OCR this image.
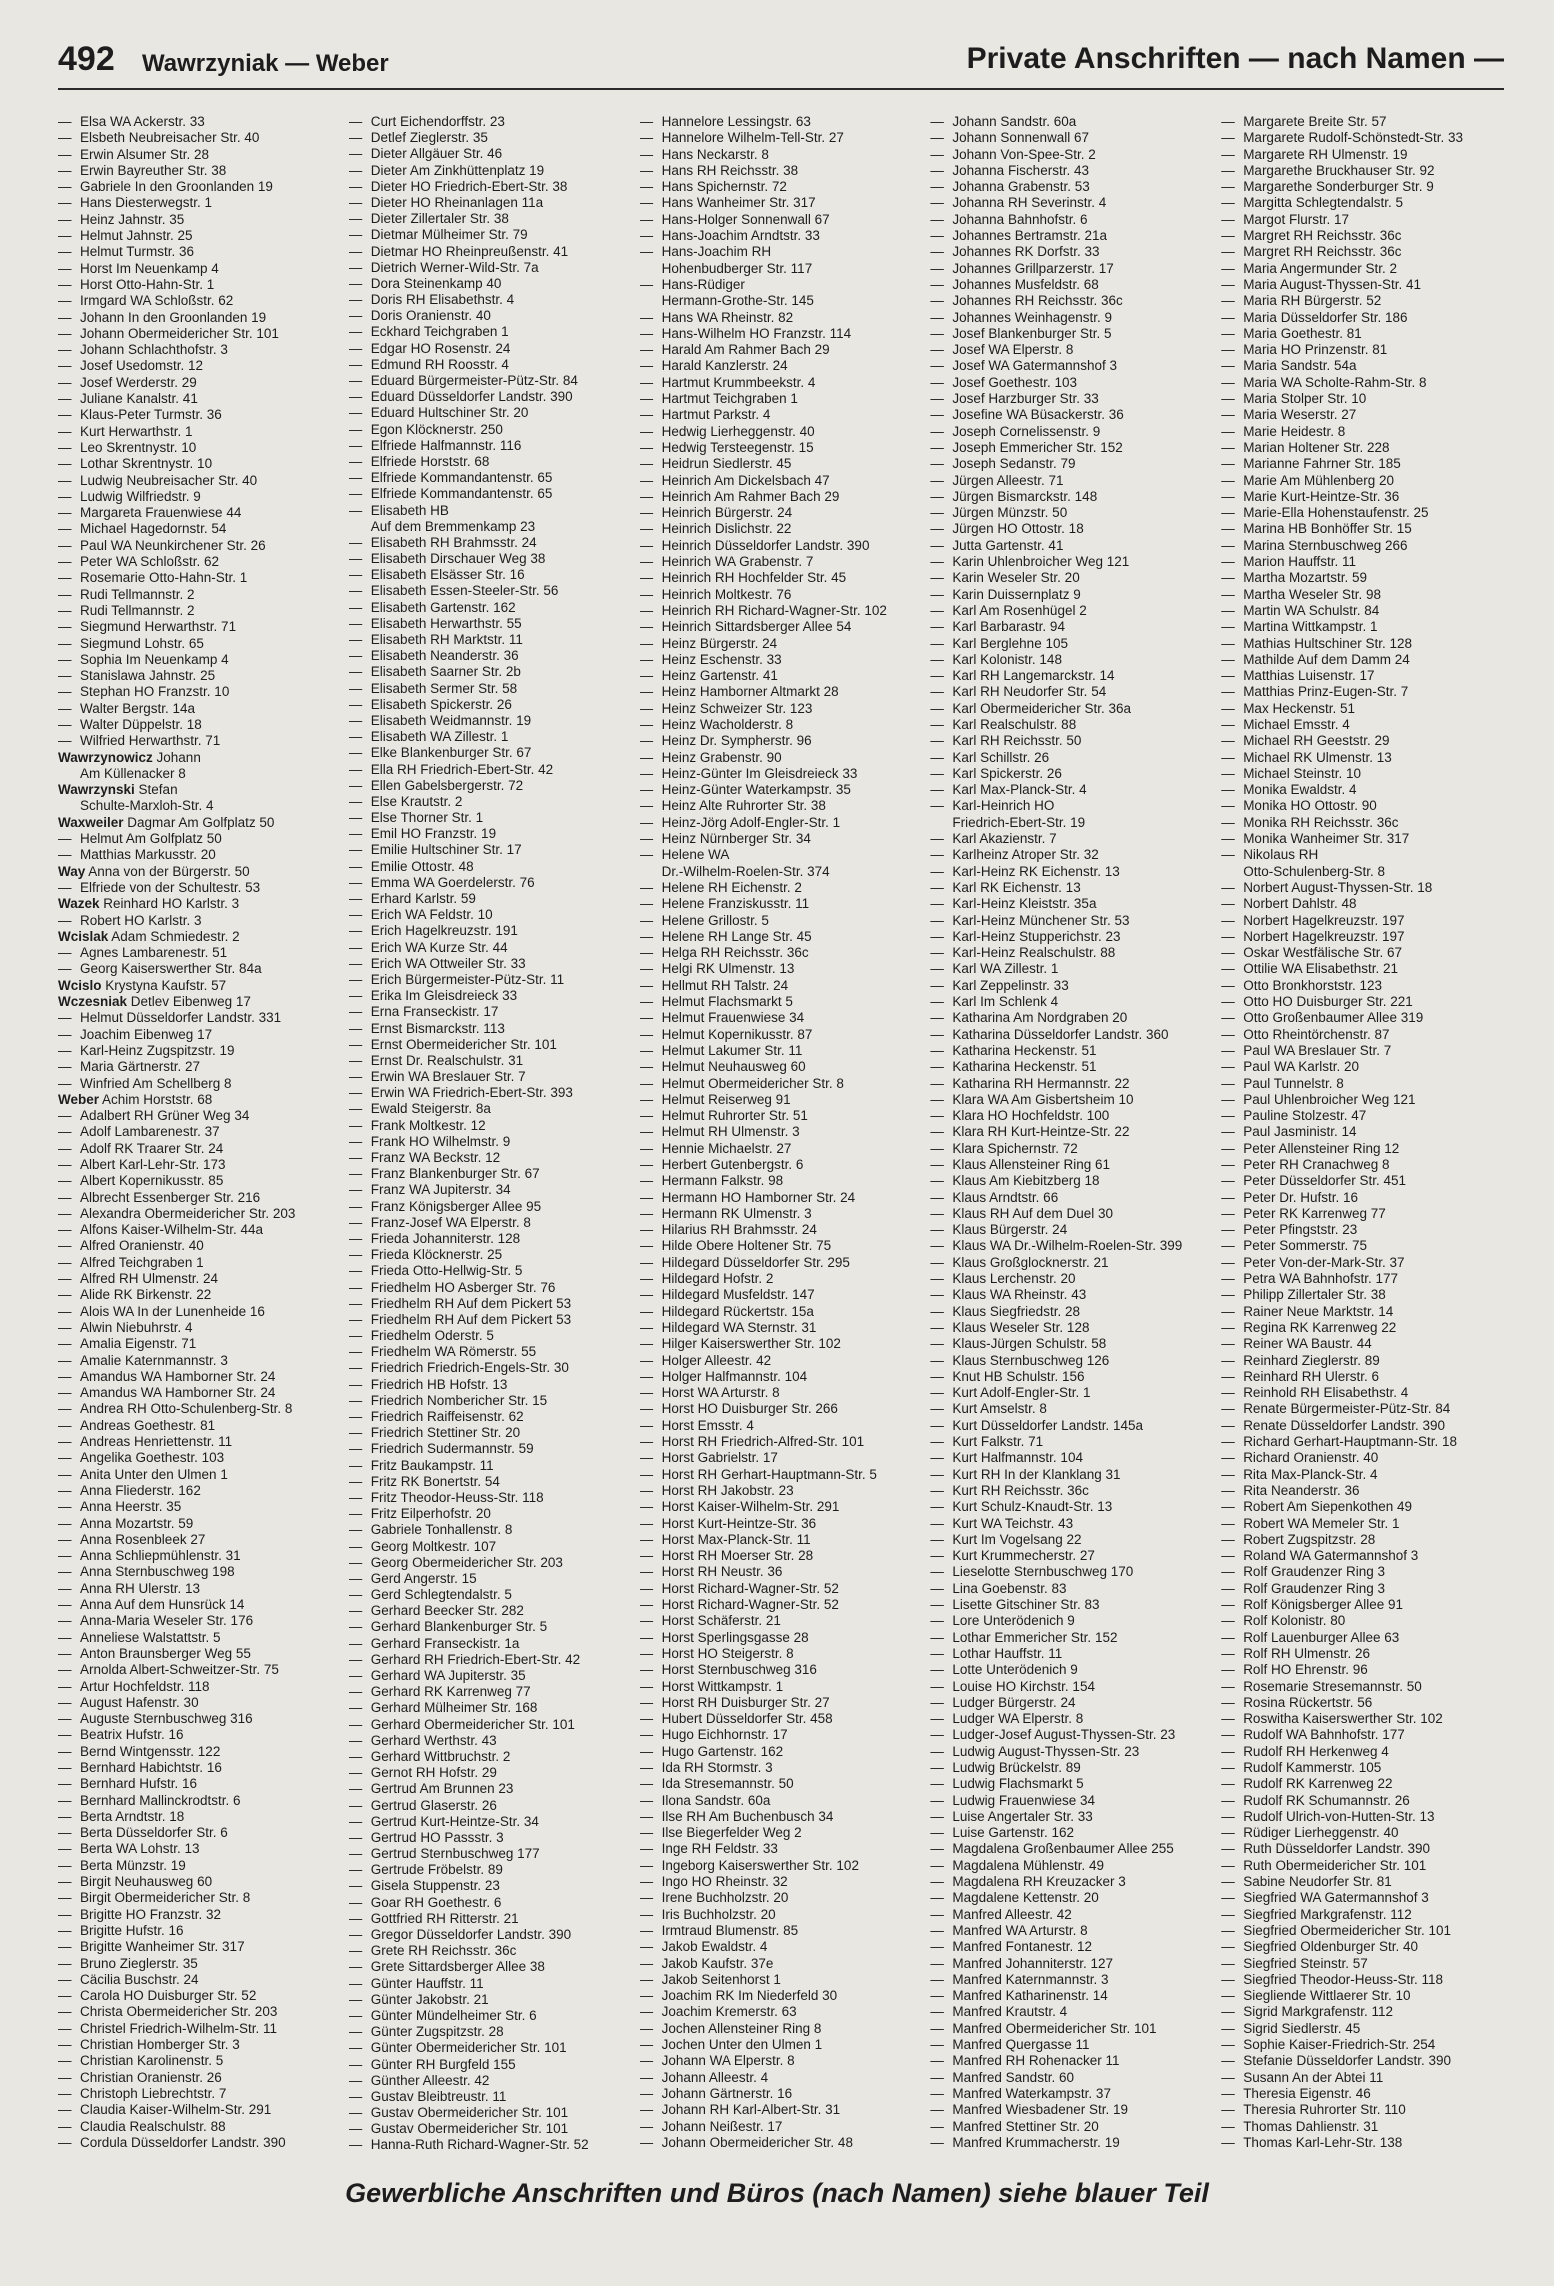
492 Wawrzyniak — Weber	Private Anschriften — nach Namen —
— Elsa WA Ackerstr. 33
— Elsbeth Neubreisacher Str. 40
— Erwin Alsumer Str. 28
— Erwin Bayreuther Str. 38
— Gabriele In den Groonlanden 19
— Hans Diesterwegstr. 1
— Heinz Jahnstr. 35
— Helmut Jahnstr. 25
— Helmut Turmstr. 36
— Horst Im Neuenkamp 4
— Horst Otto-Hahn-Str. 1
— Irmgard WA Schloßstr. 62
— Johann In den Groonlanden 19
— Johann Obermeidericher Str. 101
— Johann Schlachthofstr. 3
— Josef Usedomstr. 12
— Josef Werderstr. 29
— Juliane Kanalstr. 41
— Klaus-Peter Turmstr. 36
— Kurt Herwarthstr. 1
— Leo Skrentnystr. 10
— Lothar Skrentnystr. 10
— Ludwig Neubreisacher Str. 40
— Ludwig Wilfriedstr. 9
— Margareta Frauenwiese 44
— Michael Hagedornstr. 54
— Paul WA Neunkirchener Str. 26
— Peter WA Schloßstr. 62
— Rosemarie Otto-Hahn-Str. 1
— Rudi Tellmannstr. 2
— Rudi Tellmannstr. 2
— Siegmund Herwarthstr. 71
— Siegmund Lohstr. 65
— Sophia Im Neuenkamp 4
— Stanislawa Jahnstr. 25
— Stephan HO Franzstr. 10
— Walter Bergstr. 14a
— Walter Düppelstr. 18
— Wilfried Herwarthstr. 71
Wawrzynowicz Johann
Am Küllenacker 8
Wawrzynski Stefan
Schulte-Marxloh-Str. 4
Waxweiler Dagmar Am Golfplatz 50
— Helmut Am Golfplatz 50
— Matthias Markusstr. 20
Way Anna von der Bürgerstr. 50
— Elfriede von der Schultestr. 53
Wazek Reinhard HO Karlstr. 3
— Robert HO Karlstr. 3
Wcislak Adam Schmiedestr. 2
— Agnes Lambarenestr. 51
— Georg Kaiserswerther Str. 84a
Wcislo Krystyna Kaufstr. 57
Wczesniak Detlev Eibenweg 17
— Helmut Düsseldorfer Landstr. 331
— Joachim Eibenweg 17
— Karl-Heinz Zugspitzstr. 19
— Maria Gärtnerstr. 27
— Winfried Am Schellberg 8
Weber Achim Horststr. 68
— Adalbert RH Grüner Weg 34
— Adolf Lambarenestr. 37
— Adolf RK Traarer Str. 24
— Albert Karl-Lehr-Str. 173
— Albert Kopernikusstr. 85
— Albrecht Essenberger Str. 216
— Alexandra Obermeidericher Str. 203
— Alfons Kaiser-Wilhelm-Str. 44a
— Alfred Oranienstr. 40
— Alfred Teichgraben 1
— Alfred RH Ulmenstr. 24
— Alide RK Birkenstr. 22
— Alois WA In der Lunenheide 16
— Alwin Niebuhrstr. 4
— Amalia Eigenstr. 71
— Amalie Katernmannstr. 3
— Amandus WA Hamborner Str. 24
— Amandus WA Hamborner Str. 24
— Andrea RH Otto-Schulenberg-Str. 8
— Andreas Goethestr. 81
— Andreas Henriettenstr. 11
— Angelika Goethestr. 103
— Anita Unter den Ulmen 1
— Anna Fliederstr. 162
— Anna Heerstr. 35
— Anna Mozartstr. 59
— Anna Rosenbleek 27
— Anna Schliepmühlenstr. 31
— Anna Sternbuschweg 198
— Anna RH Ulerstr. 13
— Anna Auf dem Hunsrück 14
— Anna-Maria Weseler Str. 176
— Anneliese Walstattstr. 5
— Anton Braunsberger Weg 55
— Arnolda Albert-Schweitzer-Str. 75
— Artur Hochfeldstr. 118
— August Hafenstr. 30
— Auguste Sternbuschweg 316
— Beatrix Hufstr. 16
— Bernd Wintgensstr. 122
— Bernhard Habichtstr. 16
— Bernhard Hufstr. 16
— Bernhard Mallinckrodtstr. 6
— Berta Arndtstr. 18
— Berta Düsseldorfer Str. 6
— Berta WA Lohstr. 13
— Berta Münzstr. 19
— Birgit Neuhausweg 60
— Birgit Obermeidericher Str. 8
— Brigitte HO Franzstr. 32
— Brigitte Hufstr. 16
— Brigitte Wanheimer Str. 317
— Bruno Zieglerstr. 35
— Cäcilia Buschstr. 24
— Carola HO Duisburger Str. 52
— Christa Obermeidericher Str. 203
— Christel Friedrich-Wilhelm-Str. 11
— Christian Homberger Str. 3
— Christian Karolinenstr. 5
— Christian Oranienstr. 26
— Christoph Liebrechtstr. 7
— Claudia Kaiser-Wilhelm-Str. 291
— Claudia Realschulstr. 88
— Cordula Düsseldorfer Landstr. 390
— Curt Eichendorffstr. 23
— Detlef Zieglerstr. 35
— Dieter Allgäuer Str. 46
— Dieter Am Zinkhüttenplatz 19
— Dieter HO Friedrich-Ebert-Str. 38
— Dieter HO Rheinanlagen 11a
— Dieter Zillertaler Str. 38
— Dietmar Mülheimer Str. 79
— Dietmar HO Rheinpreußenstr. 41
— Dietrich Werner-Wild-Str. 7a
— Dora Steinenkamp 40
— Doris RH Elisabethstr. 4
— Doris Oranienstr. 40
— Eckhard Teichgraben 1
— Edgar HO Rosenstr. 24
— Edmund RH Roosstr. 4
— Eduard Bürgermeister-Pütz-Str. 84
— Eduard Düsseldorfer Landstr. 390
— Eduard Hultschiner Str. 20
— Egon Klöcknerstr. 250
— Elfriede Halfmannstr. 116
— Elfriede Horststr. 68
— Elfriede Kommandantenstr. 65
— Elfriede Kommandantenstr. 65
— Elisabeth HB
Auf dem Bremmenkamp 23
— Elisabeth RH Brahmsstr. 24
— Elisabeth Dirschauer Weg 38
— Elisabeth Elsässer Str. 16
— Elisabeth Essen-Steeler-Str. 56
— Elisabeth Gartenstr. 162
— Elisabeth Herwarthstr. 55
— Elisabeth RH Marktstr. 11
— Elisabeth Neanderstr. 36
— Elisabeth Saarner Str. 2b
— Elisabeth Sermer Str. 58
— Elisabeth Spickerstr. 26
— Elisabeth Weidmannstr. 19
— Elisabeth WA Zillestr. 1
— Elke Blankenburger Str. 67
— Ella RH Friedrich-Ebert-Str. 42
— Ellen Gabelsbergerstr. 72
— Else Krautstr. 2
— Else Thorner Str. 1
— Emil HO Franzstr. 19
— Emilie Hultschiner Str. 17
— Emilie Ottostr. 48
— Emma WA Goerdelerstr. 76
— Erhard Karlstr. 59
— Erich WA Feldstr. 10
— Erich Hagelkreuzstr. 191
— Erich WA Kurze Str. 44
— Erich WA Ottweiler Str. 33
— Erich Bürgermeister-Pütz-Str. 11
— Erika Im Gleisdreieck 33
— Erna Franseckistr. 17
— Ernst Bismarckstr. 113
— Ernst Obermeidericher Str. 101
— Ernst Dr. Realschulstr. 31
— Erwin WA Breslauer Str. 7
— Erwin WA Friedrich-Ebert-Str. 393
— Ewald Steigerstr. 8a
— Frank Moltkestr. 12
— Frank HO Wilhelmstr. 9
— Franz WA Beckstr. 12
— Franz Blankenburger Str. 67
— Franz WA Jupiterstr. 34
— Franz Königsberger Allee 95
— Franz-Josef WA Elperstr. 8
— Frieda Johanniterstr. 128
— Frieda Klöcknerstr. 25
— Frieda Otto-Hellwig-Str. 5
— Friedhelm HO Asberger Str. 76
— Friedhelm RH Auf dem Pickert 53
— Friedhelm RH Auf dem Pickert 53
— Friedhelm Oderstr. 5
— Friedhelm WA Römerstr. 55
— Friedrich Friedrich-Engels-Str. 30
— Friedrich HB Hofstr. 13
— Friedrich Nombericher Str. 15
— Friedrich Raiffeisenstr. 62
— Friedrich Stettiner Str. 20
— Friedrich Sudermannstr. 59
— Fritz Baukampstr. 11
— Fritz RK Bonertstr. 54
— Fritz Theodor-Heuss-Str. 118
— Fritz Eilperhofstr. 20
— Gabriele Tonhallenstr. 8
— Georg Moltkestr. 107
— Georg Obermeidericher Str. 203
— Gerd Angerstr. 15
— Gerd Schlegtendalstr. 5
— Gerhard Beecker Str. 282
— Gerhard Blankenburger Str. 5
— Gerhard Franseckistr. 1a
— Gerhard RH Friedrich-Ebert-Str. 42
— Gerhard WA Jupiterstr. 35
— Gerhard RK Karrenweg 77
— Gerhard Mülheimer Str. 168
— Gerhard Obermeidericher Str. 101
— Gerhard Werthstr. 43
— Gerhard Wittbruchstr. 2
— Gernot RH Hofstr. 29
— Gertrud Am Brunnen 23
— Gertrud Glaserstr. 26
— Gertrud Kurt-Heintze-Str. 34
— Gertrud HO Passstr. 3
— Gertrud Sternbuschweg 177
— Gertrude Fröbelstr. 89
— Gisela Stuppenstr. 23
— Goar RH Goethestr. 6
— Gottfried RH Ritterstr. 21
— Gregor Düsseldorfer Landstr. 390
— Grete RH Reichsstr. 36c
— Grete Sittardsberger Allee 38
— Günter Hauffstr. 11
— Günter Jakobstr. 21
— Günter Mündelheimer Str. 6
— Günter Zugspitzstr. 28
— Günter Obermeidericher Str. 101
— Günter RH Burgfeld 155
— Günther Alleestr. 42
— Gustav Bleibtreustr. 11
— Gustav Obermeidericher Str. 101
— Gustav Obermeidericher Str. 101
— Hanna-Ruth Richard-Wagner-Str. 52
— Hannelore Lessingstr. 63
— Hannelore Wilhelm-Tell-Str. 27
— Hans Neckarstr. 8
— Hans RH Reichsstr. 38
— Hans Spichernstr. 72
— Hans Wanheimer Str. 317
— Hans-Holger Sonnenwall 67
— Hans-Joachim Arndtstr. 33
— Hans-Joachim RH
Hohenbudberger Str. 117
— Hans-Rüdiger
Hermann-Grothe-Str. 145
— Hans WA Rheinstr. 82
— Hans-Wilhelm HO Franzstr. 114
— Harald Am Rahmer Bach 29
— Harald Kanzlerstr. 24
— Hartmut Krummbeekstr. 4
— Hartmut Teichgraben 1
— Hartmut Parkstr. 4
— Hedwig Lierheggenstr. 40
— Hedwig Tersteegenstr. 15
— Heidrun Siedlerstr. 45
— Heinrich Am Dickelsbach 47
— Heinrich Am Rahmer Bach 29
— Heinrich Bürgerstr. 24
— Heinrich Dislichstr. 22
— Heinrich Düsseldorfer Landstr. 390
— Heinrich WA Grabenstr. 7
— Heinrich RH Hochfelder Str. 45
— Heinrich Moltkestr. 76
— Heinrich RH Richard-Wagner-Str. 102
— Heinrich Sittardsberger Allee 54
— Heinz Bürgerstr. 24
— Heinz Eschenstr. 33
— Heinz Gartenstr. 41
— Heinz Hamborner Altmarkt 28
— Heinz Schweizer Str. 123
— Heinz Wacholderstr. 8
— Heinz Dr. Sympherstr. 96
— Heinz Grabenstr. 90
— Heinz-Günter Im Gleisdreieck 33
— Heinz-Günter Waterkampstr. 35
— Heinz Alte Ruhrorter Str. 38
— Heinz-Jörg Adolf-Engler-Str. 1
— Heinz Nürnberger Str. 34
— Helene WA
Dr.-Wilhelm-Roelen-Str. 374
— Helene RH Eichenstr. 2
— Helene Franziskusstr. 11
— Helene Grillostr. 5
— Helene RH Lange Str. 45
— Helga RH Reichsstr. 36c
— Helgi RK Ulmenstr. 13
— Hellmut RH Talstr. 24
— Helmut Flachsmarkt 5
— Helmut Frauenwiese 34
— Helmut Kopernikusstr. 87
— Helmut Lakumer Str. 11
— Helmut Neuhausweg 60
— Helmut Obermeidericher Str. 8
— Helmut Reiserweg 91
— Helmut Ruhrorter Str. 51
— Helmut RH Ulmenstr. 3
— Hennie Michaelstr. 27
— Herbert Gutenbergstr. 6
— Hermann Falkstr. 98
— Hermann HO Hamborner Str. 24
— Hermann RK Ulmenstr. 3
— Hilarius RH Brahmsstr. 24
— Hilde Obere Holtener Str. 75
— Hildegard Düsseldorfer Str. 295
— Hildegard Hofstr. 2
— Hildegard Musfeldstr. 147
— Hildegard Rückertstr. 15a
— Hildegard WA Sternstr. 31
— Hilger Kaiserswerther Str. 102
— Holger Alleestr. 42
— Holger Halfmannstr. 104
— Horst WA Arturstr. 8
— Horst HO Duisburger Str. 266
— Horst Emsstr. 4
— Horst RH Friedrich-Alfred-Str. 101
— Horst Gabrielstr. 17
— Horst RH Gerhart-Hauptmann-Str. 5
— Horst RH Jakobstr. 23
— Horst Kaiser-Wilhelm-Str. 291
— Horst Kurt-Heintze-Str. 36
— Horst Max-Planck-Str. 11
— Horst RH Moerser Str. 28
— Horst RH Neustr. 36
— Horst Richard-Wagner-Str. 52
— Horst Richard-Wagner-Str. 52
— Horst Schäferstr. 21
— Horst Sperlingsgasse 28
— Horst HO Steigerstr. 8
— Horst Sternbuschweg 316
— Horst Wittkampstr. 1
— Horst RH Duisburger Str. 27
— Hubert Düsseldorfer Str. 458
— Hugo Eichhornstr. 17
— Hugo Gartenstr. 162
— Ida RH Stormstr. 3
— Ida Stresemannstr. 50
— Ilona Sandstr. 60a
— Ilse RH Am Buchenbusch 34
— Ilse Biegerfelder Weg 2
— Inge RH Feldstr. 33
— Ingeborg Kaiserswerther Str. 102
— Ingo HO Rheinstr. 32
— Irene Buchholzstr. 20
— Iris Buchholzstr. 20
— Irmtraud Blumenstr. 85
— Jakob Ewaldstr. 4
— Jakob Kaufstr. 37e
— Jakob Seitenhorst 1
— Joachim RK Im Niederfeld 30
— Joachim Kremerstr. 63
— Jochen Allensteiner Ring 8
— Jochen Unter den Ulmen 1
— Johann WA Elperstr. 8
— Johann Alleestr. 4
— Johann Gärtnerstr. 16
— Johann RH Karl-Albert-Str. 31
— Johann Neißestr. 17
— Johann Obermeidericher Str. 48
— Johann Sandstr. 60a
— Johann Sonnenwall 67
— Johann Von-Spee-Str. 2
— Johanna Fischerstr. 43
— Johanna Grabenstr. 53
— Johanna RH Severinstr. 4
— Johanna Bahnhofstr. 6
— Johannes Bertramstr. 21a
— Johannes RK Dorfstr. 33
— Johannes Grillparzerstr. 17
— Johannes Musfeldstr. 68
— Johannes RH Reichsstr. 36c
— Johannes Weinhagenstr. 9
— Josef Blankenburger Str. 5
— Josef WA Elperstr. 8
— Josef WA Gatermannshof 3
— Josef Goethestr. 103
— Josef Harzburger Str. 33
— Josefine WA Büsackerstr. 36
— Joseph Cornelissenstr. 9
— Joseph Emmericher Str. 152
— Joseph Sedanstr. 79
— Jürgen Alleestr. 71
— Jürgen Bismarckstr. 148
— Jürgen Münzstr. 50
— Jürgen HO Ottostr. 18
— Jutta Gartenstr. 41
— Karin Uhlenbroicher Weg 121
— Karin Weseler Str. 20
— Karin Duissernplatz 9
— Karl Am Rosenhügel 2
— Karl Barbarastr. 94
— Karl Berglehne 105
— Karl Kolonistr. 148
— Karl RH Langemarckstr. 14
— Karl RH Neudorfer Str. 54
— Karl Obermeidericher Str. 36a
— Karl Realschulstr. 88
— Karl RH Reichsstr. 50
— Karl Schillstr. 26
— Karl Spickerstr. 26
— Karl Max-Planck-Str. 4
— Karl-Heinrich HO
Friedrich-Ebert-Str. 19
— Karl Akazienstr. 7
— Karlheinz Atroper Str. 32
— Karl-Heinz RK Eichenstr. 13
— Karl RK Eichenstr. 13
— Karl-Heinz Kleiststr. 35a
— Karl-Heinz Münchener Str. 53
— Karl-Heinz Stupperichstr. 23
— Karl-Heinz Realschulstr. 88
— Karl WA Zillestr. 1
— Karl Zeppelinstr. 33
— Karl Im Schlenk 4
— Katharina Am Nordgraben 20
— Katharina Düsseldorfer Landstr. 360
— Katharina Heckenstr. 51
— Katharina Heckenstr. 51
— Katharina RH Hermannstr. 22
— Klara WA Am Gisbertsheim 10
— Klara HO Hochfeldstr. 100
— Klara RH Kurt-Heintze-Str. 22
— Klara Spichernstr. 72
— Klaus Allensteiner Ring 61
— Klaus Am Kiebitzberg 18
— Klaus Arndtstr. 66
— Klaus RH Auf dem Duel 30
— Klaus Bürgerstr. 24
— Klaus WA Dr.-Wilhelm-Roelen-Str. 399
— Klaus Großglocknerstr. 21
— Klaus Lerchenstr. 20
— Klaus WA Rheinstr. 43
— Klaus Siegfriedstr. 28
— Klaus Weseler Str. 128
— Klaus-Jürgen Schulstr. 58
— Klaus Sternbuschweg 126
— Knut HB Schulstr. 156
— Kurt Adolf-Engler-Str. 1
— Kurt Amselstr. 8
— Kurt Düsseldorfer Landstr. 145a
— Kurt Falkstr. 71
— Kurt Halfmannstr. 104
— Kurt RH In der Klanklang 31
— Kurt RH Reichsstr. 36c
— Kurt Schulz-Knaudt-Str. 13
— Kurt WA Teichstr. 43
— Kurt Im Vogelsang 22
— Kurt Krummecherstr. 27
— Lieselotte Sternbuschweg 170
— Lina Goebenstr. 83
— Lisette Gitschiner Str. 83
— Lore Unterödenich 9
— Lothar Emmericher Str. 152
— Lothar Hauffstr. 11
— Lotte Unterödenich 9
— Louise HO Kirchstr. 154
— Ludger Bürgerstr. 24
— Ludger WA Elperstr. 8
— Ludger-Josef August-Thyssen-Str. 23
— Ludwig August-Thyssen-Str. 23
— Ludwig Brückelstr. 89
— Ludwig Flachsmarkt 5
— Ludwig Frauenwiese 34
— Luise Angertaler Str. 33
— Luise Gartenstr. 162
— Magdalena Großenbaumer Allee 255
— Magdalena Mühlenstr. 49
— Magdalena RH Kreuzacker 3
— Magdalene Kettenstr. 20
— Manfred Alleestr. 42
— Manfred WA Arturstr. 8
— Manfred Fontanestr. 12
— Manfred Johanniterstr. 127
— Manfred Katernmannstr. 3
— Manfred Katharinenstr. 14
— Manfred Krautstr. 4
— Manfred Obermeidericher Str. 101
— Manfred Quergasse 11
— Manfred RH Rohenacker 11
— Manfred Sandstr. 60
— Manfred Waterkampstr. 37
— Manfred Wiesbadener Str. 19
— Manfred Stettiner Str. 20
— Manfred Krummacherstr. 19
— Margarete Breite Str. 57
— Margarete Rudolf-Schönstedt-Str. 33
— Margarete RH Ulmenstr. 19
— Margarethe Bruckhauser Str. 92
— Margarethe Sonderburger Str. 9
— Margitta Schlegtendalstr. 5
— Margot Flurstr. 17
— Margret RH Reichsstr. 36c
— Margret RH Reichsstr. 36c
— Maria Angermunder Str. 2
— Maria August-Thyssen-Str. 41
— Maria RH Bürgerstr. 52
— Maria Düsseldorfer Str. 186
— Maria Goethestr. 81
— Maria HO Prinzenstr. 81
— Maria Sandstr. 54a
— Maria WA Scholte-Rahm-Str. 8
— Maria Stolper Str. 10
— Maria Weserstr. 27
— Marie Heidestr. 8
— Marian Holtener Str. 228
— Marianne Fahrner Str. 185
— Marie Am Mühlenberg 20
— Marie Kurt-Heintze-Str. 36
— Marie-Ella Hohenstaufenstr. 25
— Marina HB Bonhöffer Str. 15
— Marina Sternbuschweg 266
— Marion Hauffstr. 11
— Martha Mozartstr. 59
— Martha Weseler Str. 98
— Martin WA Schulstr. 84
— Martina Wittkampstr. 1
— Mathias Hultschiner Str. 128
— Mathilde Auf dem Damm 24
— Matthias Luisenstr. 17
— Matthias Prinz-Eugen-Str. 7
— Max Heckenstr. 51
— Michael Emsstr. 4
— Michael RH Geeststr. 29
— Michael RK Ulmenstr. 13
— Michael Steinstr. 10
— Monika Ewaldstr. 4
— Monika HO Ottostr. 90
— Monika RH Reichsstr. 36c
— Monika Wanheimer Str. 317
— Nikolaus RH
Otto-Schulenberg-Str. 8
— Norbert August-Thyssen-Str. 18
— Norbert Dahlstr. 48
— Norbert Hagelkreuzstr. 197
— Norbert Hagelkreuzstr. 197
— Oskar Westfälische Str. 67
— Ottilie WA Elisabethstr. 21
— Otto Bronkhorststr. 123
— Otto HO Duisburger Str. 221
— Otto Großenbaumer Allee 319
— Otto Rheintörchenstr. 87
— Paul WA Breslauer Str. 7
— Paul WA Karlstr. 20
— Paul Tunnelstr. 8
— Paul Uhlenbroicher Weg 121
— Pauline Stolzestr. 47
— Paul Jasministr. 14
— Peter Allensteiner Ring 12
— Peter RH Cranachweg 8
— Peter Düsseldorfer Str. 451
— Peter Dr. Hufstr. 16
— Peter RK Karrenweg 77
— Peter Pfingststr. 23
— Peter Sommerstr. 75
— Peter Von-der-Mark-Str. 37
— Petra WA Bahnhofstr. 177
— Philipp Zillertaler Str. 38
— Rainer Neue Marktstr. 14
— Regina RK Karrenweg 22
— Reiner WA Baustr. 44
— Reinhard Zieglerstr. 89
— Reinhard RH Ulerstr. 6
— Reinhold RH Elisabethstr. 4
— Renate Bürgermeister-Pütz-Str. 84
— Renate Düsseldorfer Landstr. 390
— Richard Gerhart-Hauptmann-Str. 18
— Richard Oranienstr. 40
— Rita Max-Planck-Str. 4
— Rita Neanderstr. 36
— Robert Am Siepenkothen 49
— Robert WA Memeler Str. 1
— Robert Zugspitzstr. 28
— Roland WA Gatermannshof 3
— Rolf Graudenzer Ring 3
— Rolf Graudenzer Ring 3
— Rolf Königsberger Allee 91
— Rolf Kolonistr. 80
— Rolf Lauenburger Allee 63
— Rolf RH Ulmenstr. 26
— Rolf HO Ehrenstr. 96
— Rosemarie Stresemannstr. 50
— Rosina Rückertstr. 56
— Roswitha Kaiserswerther Str. 102
— Rudolf WA Bahnhofstr. 177
— Rudolf RH Herkenweg 4
— Rudolf Kammerstr. 105
— Rudolf RK Karrenweg 22
— Rudolf RK Schumannstr. 26
— Rudolf Ulrich-von-Hutten-Str. 13
— Rüdiger Lierheggenstr. 40
— Ruth Düsseldorfer Landstr. 390
— Ruth Obermeidericher Str. 101
— Sabine Neudorfer Str. 81
— Siegfried WA Gatermannshof 3
— Siegfried Markgrafenstr. 112
— Siegfried Obermeidericher Str. 101
— Siegfried Oldenburger Str. 40
— Siegfried Steinstr. 57
— Siegfried Theodor-Heuss-Str. 118
— Siegliende Wittlaerer Str. 10
— Sigrid Markgrafenstr. 112
— Sigrid Siedlerstr. 45
— Sophie Kaiser-Friedrich-Str. 254
— Stefanie Düsseldorfer Landstr. 390
— Susann An der Abtei 11
— Theresia Eigenstr. 46
— Theresia Ruhrorter Str. 110
— Thomas Dahlienstr. 31
— Thomas Karl-Lehr-Str. 138
Gewerbliche Anschriften und Büros (nach Namen) siehe blauer Teil
